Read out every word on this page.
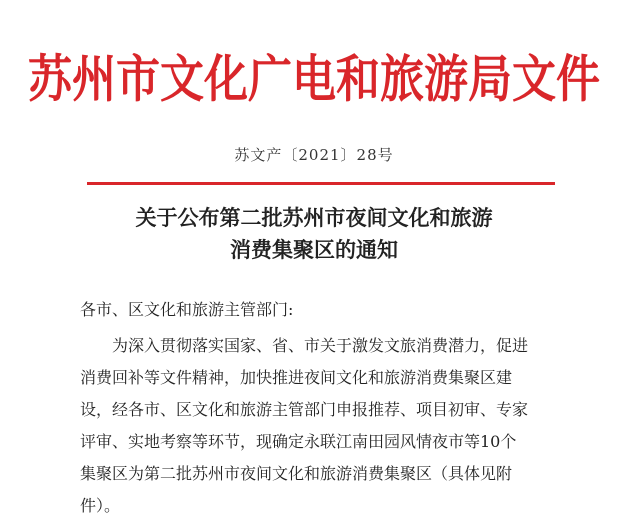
苏州市文化广电和旅游局文件
苏文产〔2021〕28号
关于公布第二批苏州市夜间文化和旅游
消费集聚区的通知
各市、区文化和旅游主管部门:
为深入贯彻落实国家、省、市关于激发文旅消费潜力，促进
消费回补等文件精神，加快推进夜间文化和旅游消费集聚区建
设，经各市、区文化和旅游主管部门申报推荐、项目初审、专家
评审、实地考察等环节，现确定永联江南田园风情夜市等10个
集聚区为第二批苏州市夜间文化和旅游消费集聚区（具体见附
件）。
